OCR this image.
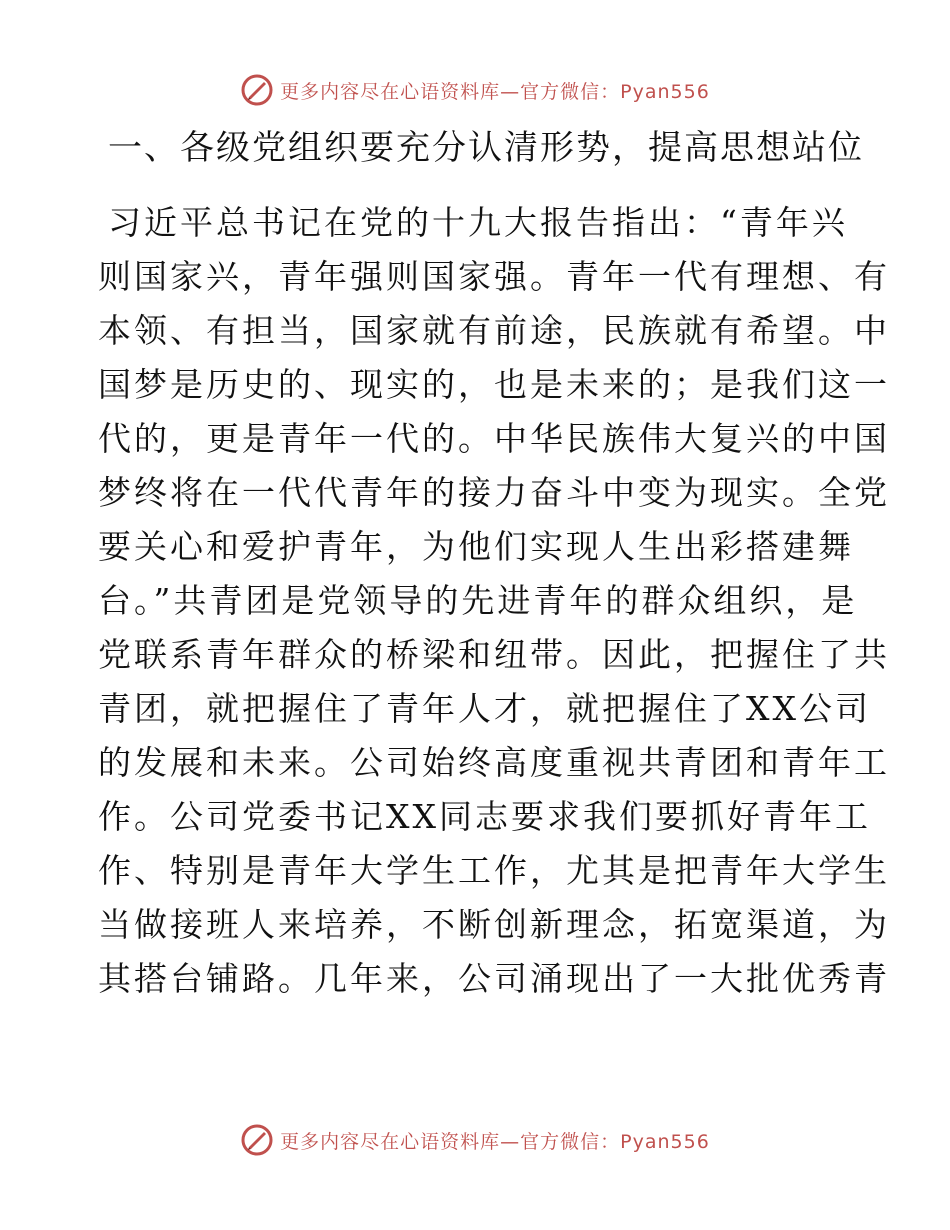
更多内容尽在心语资料库—官方微信：Pyan556
一、各级党组织要充分认清形势，提高思想站位
习近平总书记在党的十九大报告指出：“青年兴
则国家兴，青年强则国家强。青年一代有理想、有
本领、有担当，国家就有前途，民族就有希望。中
国梦是历史的、现实的，也是未来的；是我们这一
代的，更是青年一代的。中华民族伟大复兴的中国
梦终将在一代代青年的接力奋斗中变为现实。全党
要关心和爱护青年，为他们实现人生出彩搭建舞
台。”共青团是党领导的先进青年的群众组织，是
党联系青年群众的桥梁和纽带。因此，把握住了共
青团，就把握住了青年人才，就把握住了XX公司
的发展和未来。公司始终高度重视共青团和青年工
作。公司党委书记XX同志要求我们要抓好青年工
作、特别是青年大学生工作，尤其是把青年大学生
当做接班人来培养，不断创新理念，拓宽渠道，为
其搭台铺路。几年来，公司涌现出了一大批优秀青
更多内容尽在心语资料库—官方微信：Pyan556
